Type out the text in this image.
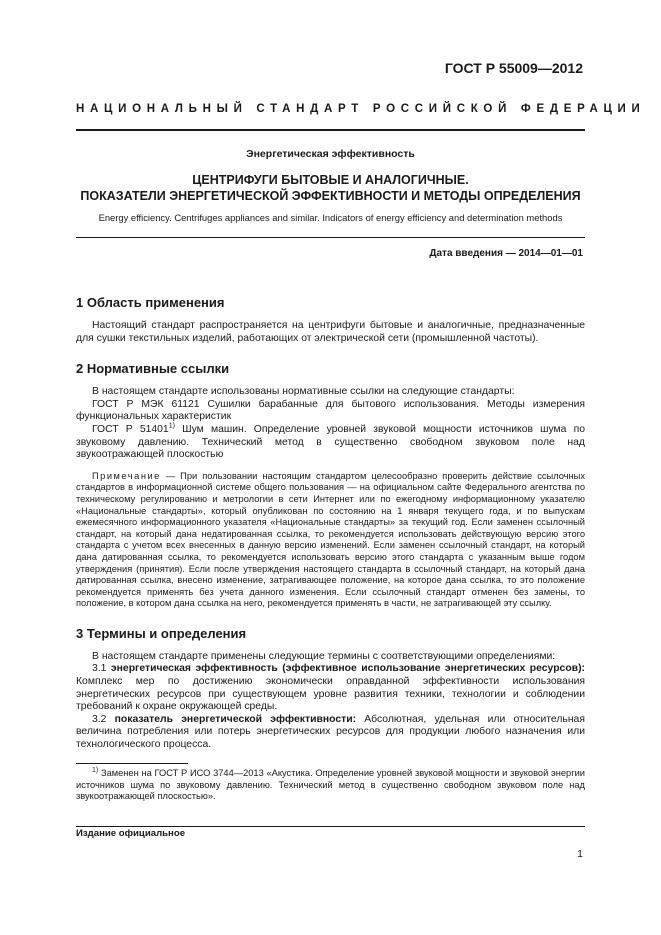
ГОСТ Р 55009—2012
НАЦИОНАЛЬНЫЙ СТАНДАРТ РОССИЙСКОЙ ФЕДЕРАЦИИ
Энергетическая эффективность
ЦЕНТРИФУГИ БЫТОВЫЕ И АНАЛОГИЧНЫЕ.
ПОКАЗАТЕЛИ ЭНЕРГЕТИЧЕСКОЙ ЭФФЕКТИВНОСТИ И МЕТОДЫ ОПРЕДЕЛЕНИЯ
Energy efficiency. Centrifuges appliances and similar. Indicators of energy efficiency and determination methods
Дата введения — 2014—01—01
1 Область применения

Настоящий стандарт распространяется на центрифуги бытовые и аналогичные, предназначенные для сушки текстильных изделий, работающих от электрической сети (промышленной частоты).

2 Нормативные ссылки

В настоящем стандарте использованы нормативные ссылки на следующие стандарты:

ГОСТ Р МЭК 61121 Сушилки барабанные для бытового использования. Методы измерения функциональных характеристик

ГОСТ Р 51401$^{1)}$ Шум машин. Определение уровней звуковой мощности источников шума по звуковому давлению. Технический метод в существенно свободном звуковом поле над звукоотражающей плоскостью

Примечание — При пользовании настоящим стандартом целесообразно проверить действие ссылочных стандартов в информационной системе общего пользования — на официальном сайте Федерального агентства по техническому регулированию и метрологии в сети Интернет или по ежегодному информационному указателю «Национальные стандарты», который опубликован по состоянию на 1 января текущего года, и по выпускам ежемесячного информационного указателя «Национальные стандарты» за текущий год. Если заменен ссылочный стандарт, на который дана недатированная ссылка, то рекомендуется использовать действующую версию этого стандарта с учетом всех внесенных в данную версию изменений. Если заменен ссылочный стандарт, на который дана датированная ссылка, то рекомендуется использовать версию этого стандарта с указанным выше годом утверждения (принятия). Если после утверждения настоящего стандарта в ссылочный стандарт, на который дана датированная ссылка, внесено изменение, затрагивающее положение, на которое дана ссылка, то это положение рекомендуется применять без учета данного изменения. Если ссылочный стандарт отменен без замены, то положение, в котором дана ссылка на него, рекомендуется применять в части, не затрагивающей эту ссылку.
3 Термины и определения

В настоящем стандарте применены следующие термины с соответствующими определениями:

3.1 энергетическая эффективность (эффективное использование энергетических ресурсов): Комплекс мер по достижению экономически оправданной эффективности использования энергетических ресурсов при существующем уровне развития техники, технологии и соблюдении требований к охране окружающей среды.

3.2 показатель энергетической эффективности: Абсолютная, удельная или относительная величина потребления или потерь энергетических ресурсов для продукции любого назначения или технологического процесса.

$^{1)}$ Заменен на ГОСТ Р ИСО 3744—2013 «Акустика. Определение уровней звуковой мощности и звуковой энергии источников шума по звуковому давлению. Технический метод в существенно свободном звуковом поле над звукоотражающей плоскостью».
Издание официальное
1
